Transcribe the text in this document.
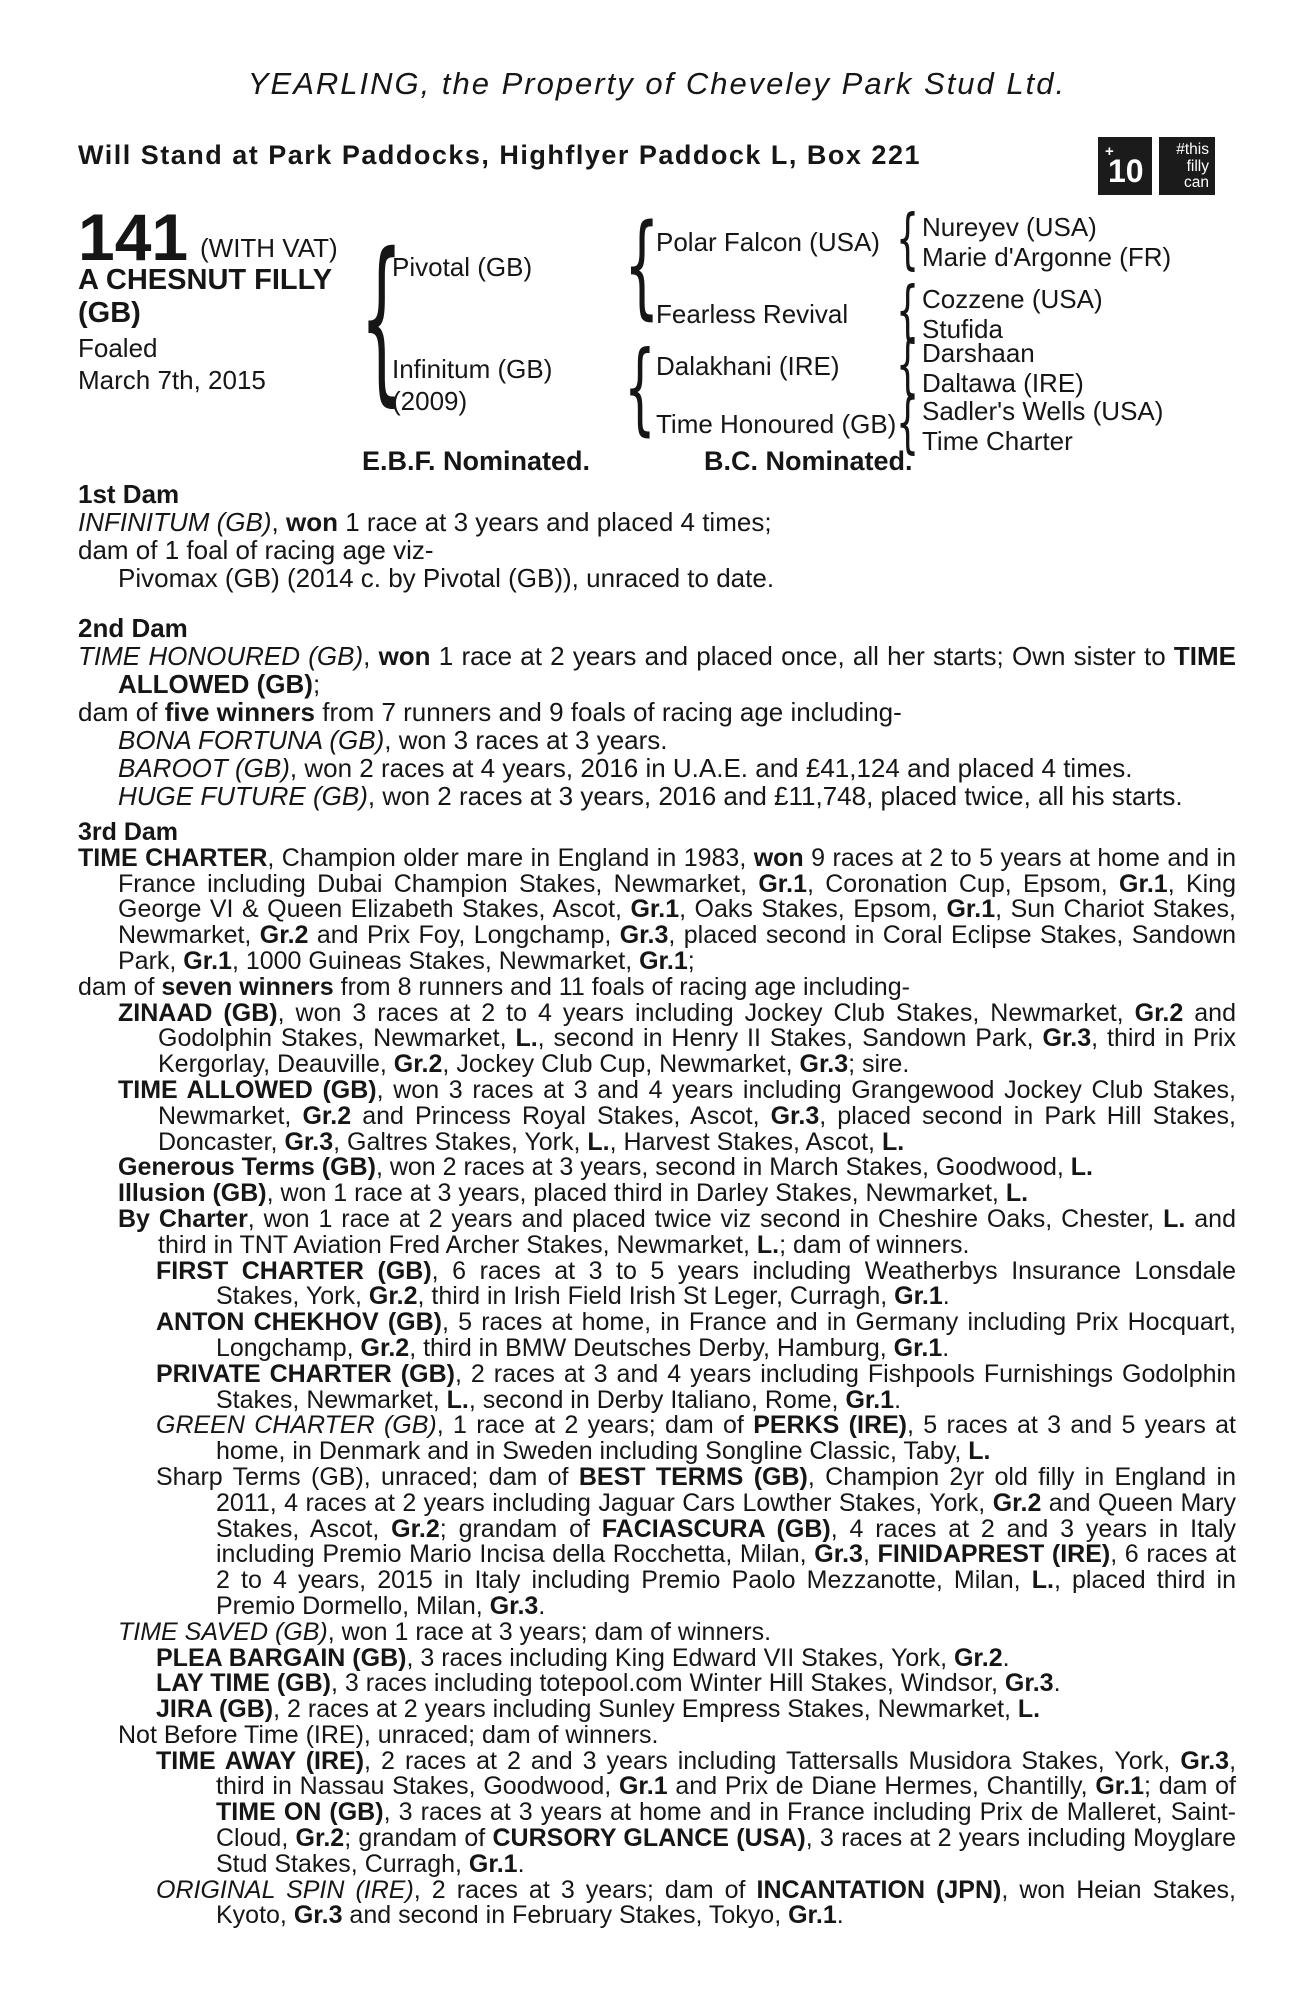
YEARLING, the Property of Cheveley Park Stud Ltd.
Will Stand at Park Paddocks, Highflyer Paddock L, Box 221	+
10
#this
filly
can
141 (WITH VAT)
A CHESNUT FILLY
(GB)
Foaled
March 7th, 2015
{
{
{
{
{
{
{
Pivotal (GB)
Infinitum (GB)
(2009)
Polar Falcon (USA)
Fearless Revival
Dalakhani (IRE)
Time Honoured (GB)
Nureyev (USA)
Marie d'Argonne (FR)
Cozzene (USA)
Stufida
Darshaan
Daltawa (IRE)
Sadler's Wells (USA)
Time Charter
E.B.F. Nominated.	B.C. Nominated.

1st Dam

INFINITUM (GB), won 1 race at 3 years and placed 4 times;

dam of 1 foal of racing age viz-

Pivomax (GB) (2014 c. by Pivotal (GB)), unraced to date.

2nd Dam

TIME HONOURED (GB), won 1 race at 2 years and placed once, all her starts; Own sister to TIME ALLOWED (GB);

dam of five winners from 7 runners and 9 foals of racing age including-

BONA FORTUNA (GB), won 3 races at 3 years.

BAROOT (GB), won 2 races at 4 years, 2016 in U.A.E. and £41,124 and placed 4 times.

HUGE FUTURE (GB), won 2 races at 3 years, 2016 and £11,748, placed twice, all his starts.

3rd Dam

TIME CHARTER, Champion older mare in England in 1983, won 9 races at 2 to 5 years at home and in France including Dubai Champion Stakes, Newmarket, Gr.1, Coronation Cup, Epsom, Gr.1, King George VI & Queen Elizabeth Stakes, Ascot, Gr.1, Oaks Stakes, Epsom, Gr.1, Sun Chariot Stakes, Newmarket, Gr.2 and Prix Foy, Longchamp, Gr.3, placed second in Coral Eclipse Stakes, Sandown Park, Gr.1, 1000 Guineas Stakes, Newmarket, Gr.1;

dam of seven winners from 8 runners and 11 foals of racing age including-

ZINAAD (GB), won 3 races at 2 to 4 years including Jockey Club Stakes, Newmarket, Gr.2 and Godolphin Stakes, Newmarket, L., second in Henry II Stakes, Sandown Park, Gr.3, third in Prix Kergorlay, Deauville, Gr.2, Jockey Club Cup, Newmarket, Gr.3; sire.

TIME ALLOWED (GB), won 3 races at 3 and 4 years including Grangewood Jockey Club Stakes, Newmarket, Gr.2 and Princess Royal Stakes, Ascot, Gr.3, placed second in Park Hill Stakes, Doncaster, Gr.3, Galtres Stakes, York, L., Harvest Stakes, Ascot, L.

Generous Terms (GB), won 2 races at 3 years, second in March Stakes, Goodwood, L.

Illusion (GB), won 1 race at 3 years, placed third in Darley Stakes, Newmarket, L.

By Charter, won 1 race at 2 years and placed twice viz second in Cheshire Oaks, Chester, L. and third in TNT Aviation Fred Archer Stakes, Newmarket, L.; dam of winners.

FIRST CHARTER (GB), 6 races at 3 to 5 years including Weatherbys Insurance Lonsdale Stakes, York, Gr.2, third in Irish Field Irish St Leger, Curragh, Gr.1.

ANTON CHEKHOV (GB), 5 races at home, in France and in Germany including Prix Hocquart, Longchamp, Gr.2, third in BMW Deutsches Derby, Hamburg, Gr.1.

PRIVATE CHARTER (GB), 2 races at 3 and 4 years including Fishpools Furnishings Godolphin Stakes, Newmarket, L., second in Derby Italiano, Rome, Gr.1.

GREEN CHARTER (GB), 1 race at 2 years; dam of PERKS (IRE), 5 races at 3 and 5 years at home, in Denmark and in Sweden including Songline Classic, Taby, L.

Sharp Terms (GB), unraced; dam of BEST TERMS (GB), Champion 2yr old filly in England in 2011, 4 races at 2 years including Jaguar Cars Lowther Stakes, York, Gr.2 and Queen Mary Stakes, Ascot, Gr.2; grandam of FACIASCURA (GB), 4 races at 2 and 3 years in Italy including Premio Mario Incisa della Rocchetta, Milan, Gr.3, FINIDAPREST (IRE), 6 races at 2 to 4 years, 2015 in Italy including Premio Paolo Mezzanotte, Milan, L., placed third in Premio Dormello, Milan, Gr.3.

TIME SAVED (GB), won 1 race at 3 years; dam of winners.

PLEA BARGAIN (GB), 3 races including King Edward VII Stakes, York, Gr.2.

LAY TIME (GB), 3 races including totepool.com Winter Hill Stakes, Windsor, Gr.3.

JIRA (GB), 2 races at 2 years including Sunley Empress Stakes, Newmarket, L.

Not Before Time (IRE), unraced; dam of winners.

TIME AWAY (IRE), 2 races at 2 and 3 years including Tattersalls Musidora Stakes, York, Gr.3, third in Nassau Stakes, Goodwood, Gr.1 and Prix de Diane Hermes, Chantilly, Gr.1; dam of TIME ON (GB), 3 races at 3 years at home and in France including Prix de Malleret, Saint-Cloud, Gr.2; grandam of CURSORY GLANCE (USA), 3 races at 2 years including Moyglare Stud Stakes, Curragh, Gr.1.

ORIGINAL SPIN (IRE), 2 races at 3 years; dam of INCANTATION (JPN), won Heian Stakes, Kyoto, Gr.3 and second in February Stakes, Tokyo, Gr.1.
